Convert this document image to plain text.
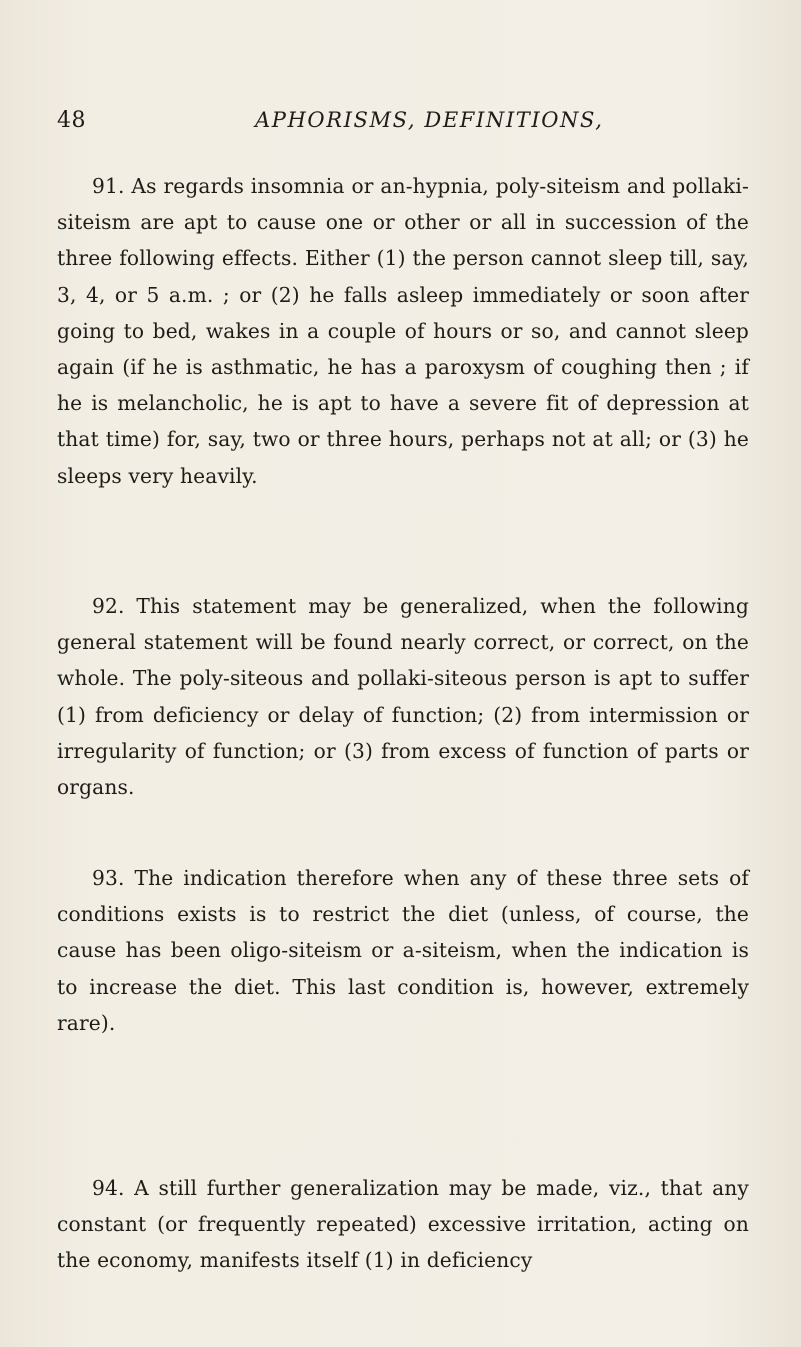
48	APHORISMS, DEFINITIONS,

91. As regards insomnia or an-hypnia, poly-siteism and pollaki-siteism are apt to cause one or other or all in succession of the three following effects. Either (1) the person cannot sleep till, say, 3, 4, or 5 a.m. ; or (2) he falls asleep immediately or soon after going to bed, wakes in a couple of hours or so, and cannot sleep again (if he is asthmatic, he has a paroxysm of coughing then ; if he is melancholic, he is apt to have a severe fit of depression at that time) for, say, two or three hours, perhaps not at all; or (3) he sleeps very heavily.

92. This statement may be generalized, when the following general statement will be found nearly correct, or correct, on the whole. The poly-siteous and pollaki-siteous person is apt to suffer (1) from deficiency or delay of function; (2) from intermission or irregularity of function; or (3) from excess of function of parts or organs.

93. The indication therefore when any of these three sets of conditions exists is to restrict the diet (unless, of course, the cause has been oligo-siteism or a-siteism, when the indication is to increase the diet. This last condition is, however, extremely rare).

94. A still further generalization may be made, viz., that any constant (or frequently repeated) excessive irritation, acting on the economy, manifests itself (1) in deficiency
